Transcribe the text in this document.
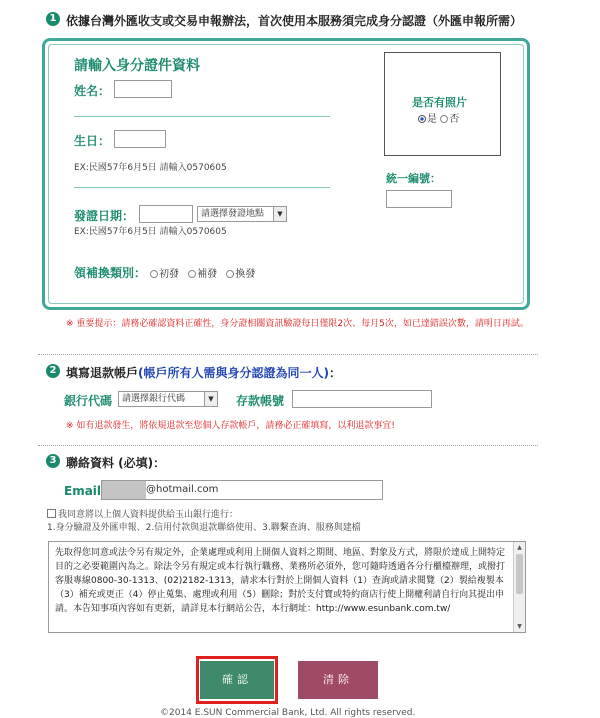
1 依據台灣外匯收支或交易申報辦法，首次使用本服務須完成身分認證（外匯申報所需）
請輸入身分證件資料
姓名：
生日：
EX:民國57年6月5日 請輸入0570605
發證日期：	請選擇發證地點	▼
EX:民國57年6月5日 請輸入0570605
領補換類別：	初發 補發 換發
是否有照片
是 否
統一編號：
※ 重要提示：請務必確認資料正確性，身分證相關資訊驗證每日僅限2次、每月5次，如已達錯誤次數，請明日再試。
2 填寫退款帳戶(帳戶所有人需與身分認證為同一人)：
銀行代碼	請選擇銀行代碼	▼ 存款帳號
※ 如有退款發生，將依規退款至您個人存款帳戶，請務必正確填寫，以利退款事宜!
3 聯絡資料 (必填)：
Email	@hotmail.com
我同意將以上個人資料提供給玉山銀行進行：
1.身分驗證及外匯申報、2.信用付款與退款聯絡使用、3.聯繫查詢、服務與建檔

先取得您同意或法令另有規定外，企業處理或利用上開個人資料之期間、地區、對象及方式，將限於達成上開特定目的之必要範圍內為之。除法令另有規定或本行執行職務、業務所必須外，您可隨時透過各分行櫃檯辦理，或撥打客服專線0800-30-1313、(02)2182-1313，請求本行對於上開個人資料（1）查詢或請求閱覽（2）製給複製本（3）補充或更正（4）停止蒐集、處理或利用（5）刪除；對於支付寶或特約商店行使上開權利請自行向其提出申請。本告知事項內容如有更新，請詳見本行網站公告，本行網址：http://www.esunbank.com.tw/

▲
▼
確認	清除
©2014 E.SUN Commercial Bank, Ltd. All rights reserved.
